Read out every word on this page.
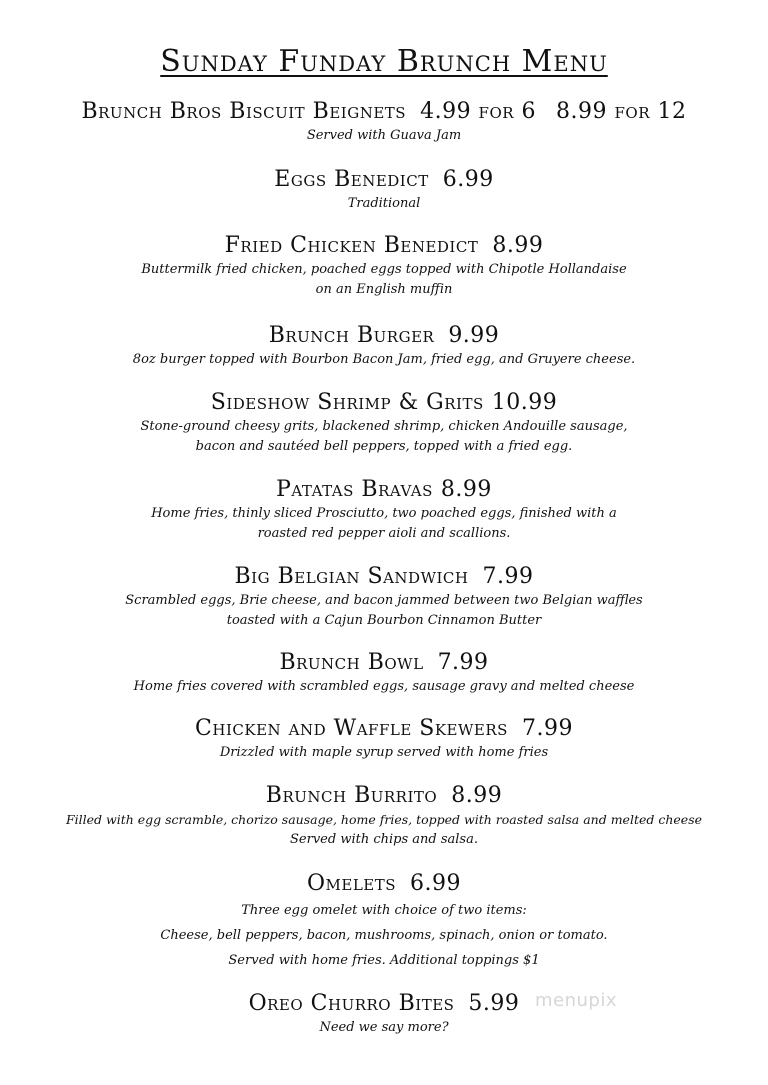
Sunday Funday Brunch Menu
Brunch Bros Biscuit Beignets 4.99 for 6 8.99 for 12
Served with Guava Jam
Eggs Benedict 6.99
Traditional
Fried Chicken Benedict 8.99
Buttermilk fried chicken, poached eggs topped with Chipotle Hollandaise
on an English muffin
Brunch Burger 9.99
8oz burger topped with Bourbon Bacon Jam, fried egg, and Gruyere cheese.
Sideshow Shrimp & Grits 10.99
Stone-ground cheesy grits, blackened shrimp, chicken Andouille sausage,
bacon and sautéed bell peppers, topped with a fried egg.
Patatas Bravas 8.99
Home fries, thinly sliced Prosciutto, two poached eggs, finished with a
roasted red pepper aioli and scallions.
Big Belgian Sandwich 7.99
Scrambled eggs, Brie cheese, and bacon jammed between two Belgian waffles
toasted with a Cajun Bourbon Cinnamon Butter
Brunch Bowl 7.99
Home fries covered with scrambled eggs, sausage gravy and melted cheese
Chicken and Waffle Skewers 7.99
Drizzled with maple syrup served with home fries
Brunch Burrito 8.99
Filled with egg scramble, chorizo sausage, home fries, topped with roasted salsa and melted cheese
Served with chips and salsa.
Omelets 6.99
Three egg omelet with choice of two items:
Cheese, bell peppers, bacon, mushrooms, spinach, onion or tomato.
Served with home fries. Additional toppings $1
Oreo Churro Bites 5.99
Need we say more?
menupix
